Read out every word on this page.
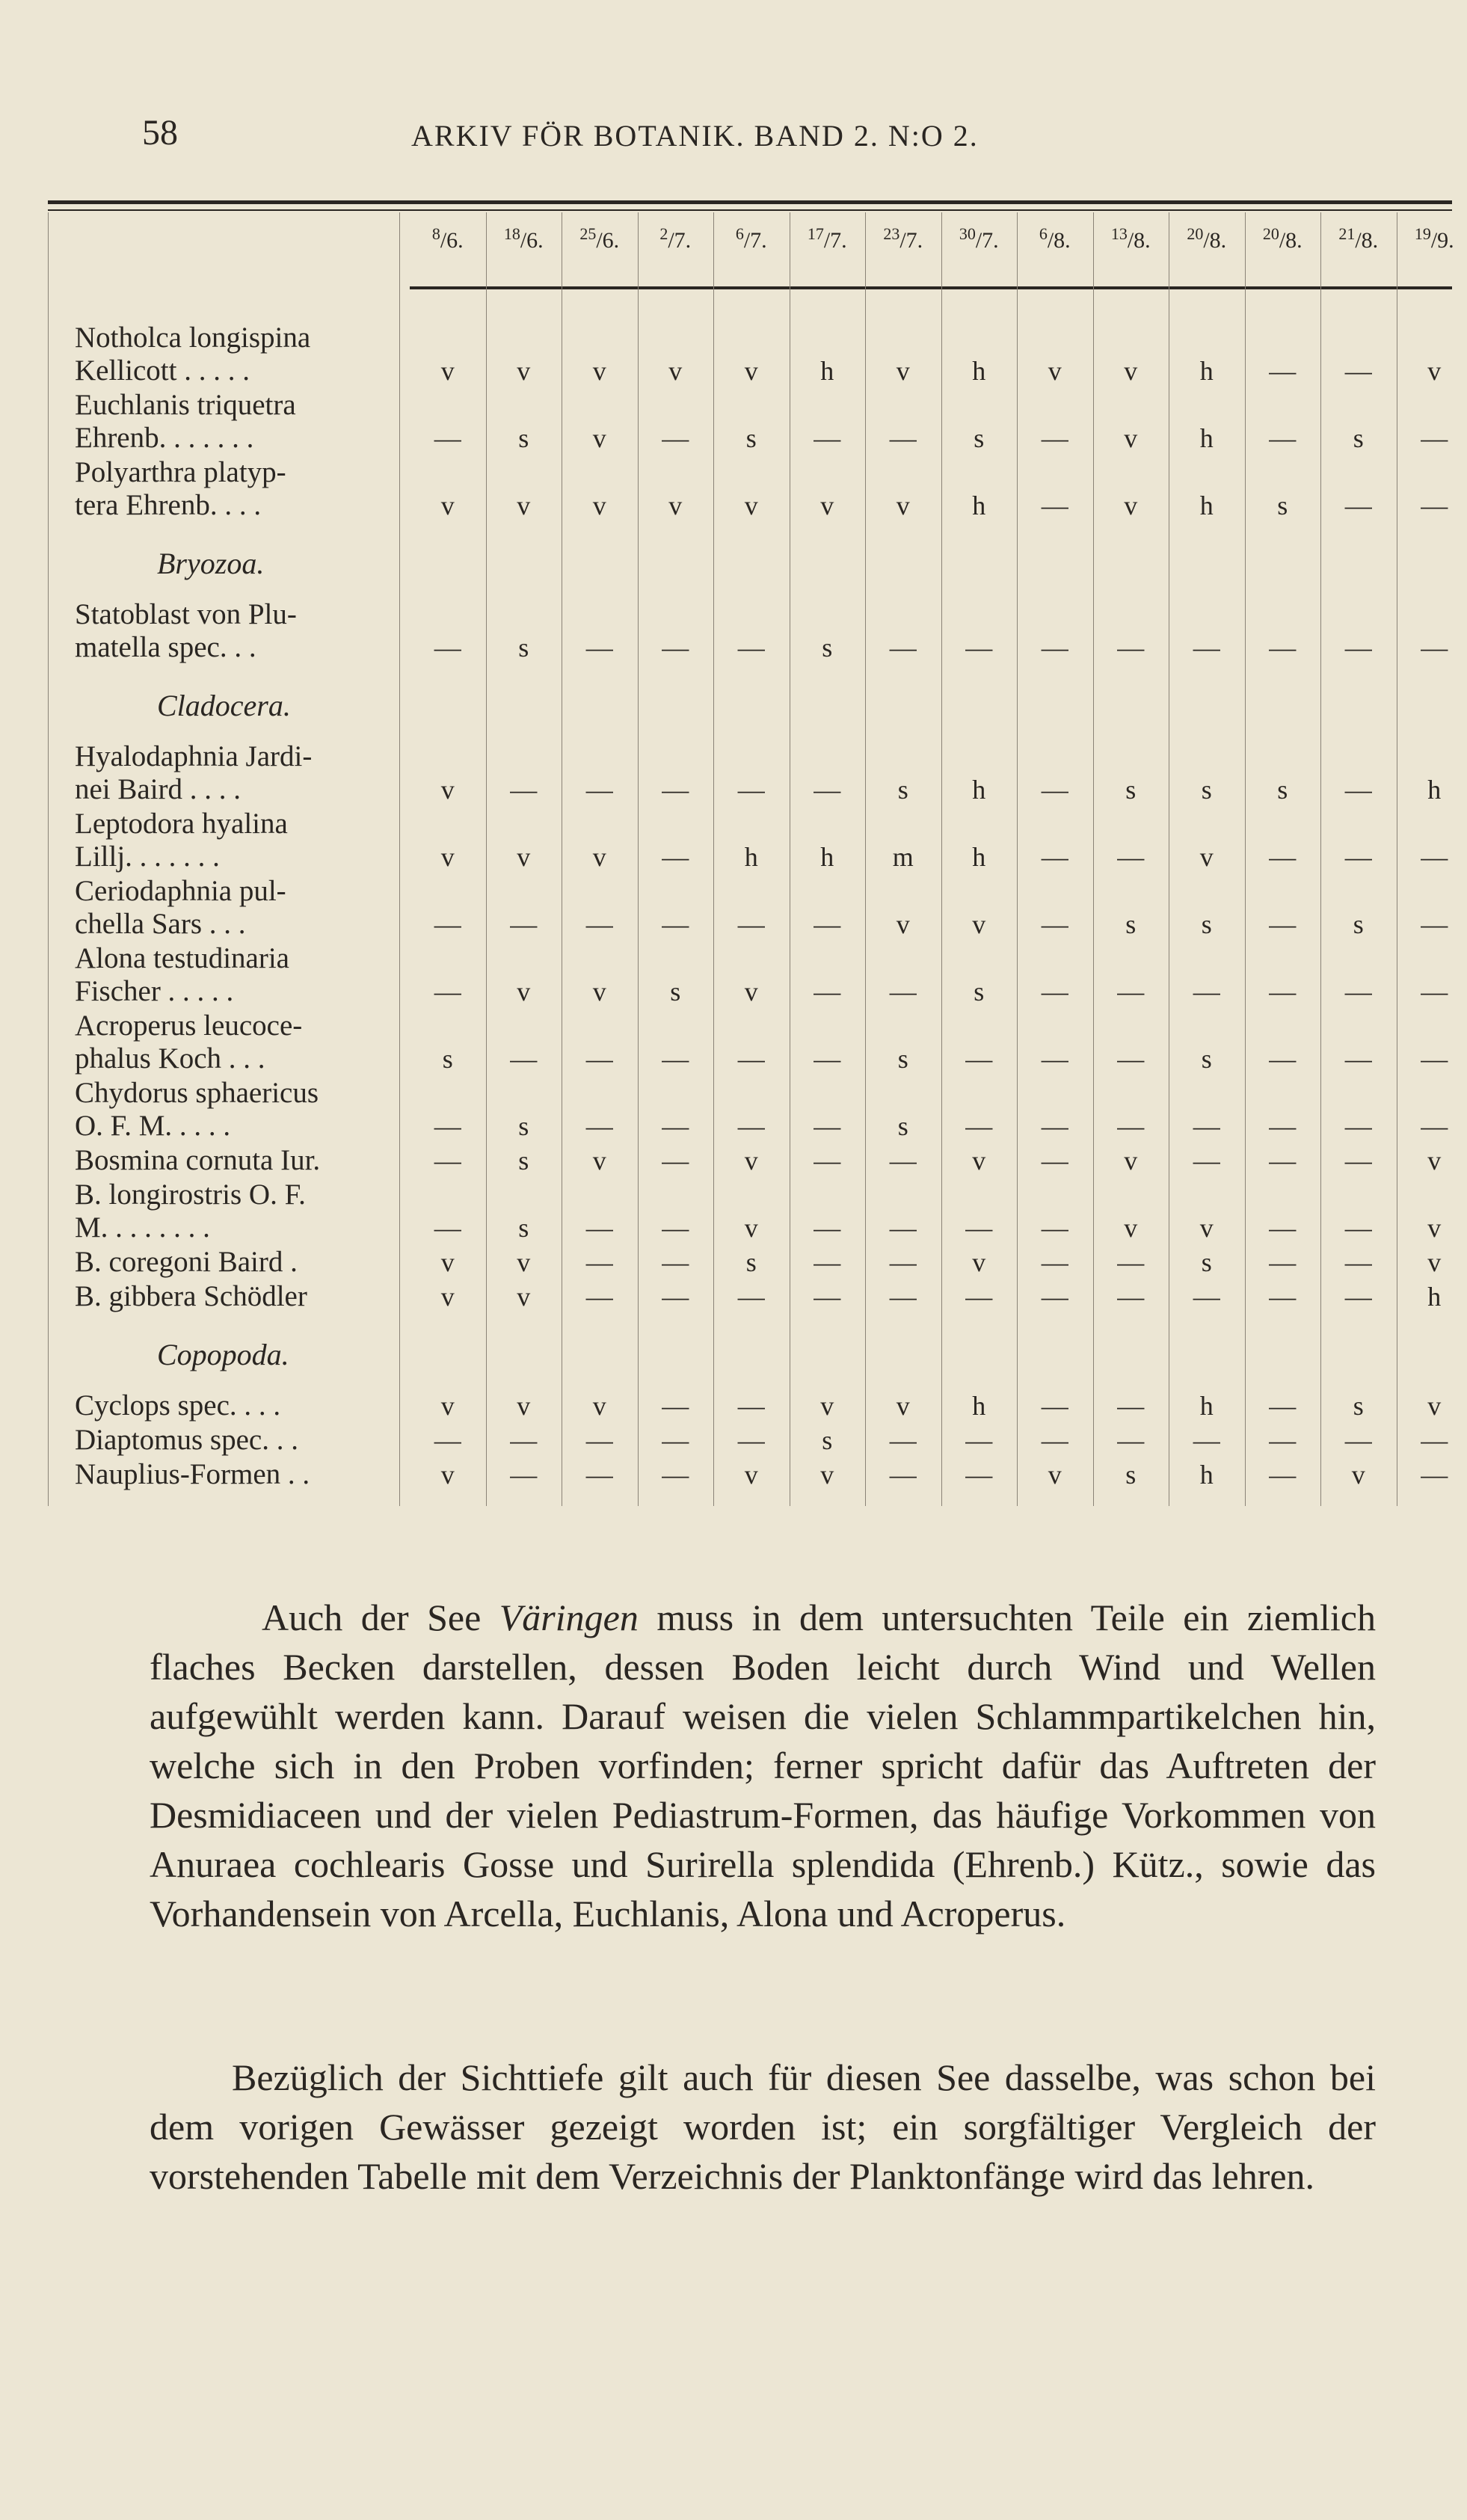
58	ARKIV FÖR BOTANIK. BAND 2. N:O 2.
$^8$/6.	$^{18}$/6.	$^{25}$/6.	$^2$/7.	$^6$/7.	$^{17}$/7.	$^{23}$/7.	$^{30}$/7.	$^6$/8.	$^{13}$/8.	$^{20}$/8.	$^{20}$/8.	$^{21}$/8.	$^{19}$/9.
Notholca longispina
Kellicott . . . . .	v	v	v	v	v	h	v	h	v	v	h	—	—	v
Euchlanis triquetra
Ehrenb. . . . . . .	—	s	v	—	s	—	—	s	—	v	h	—	s	—
Polyarthra platyp-
tera Ehrenb. . . .	v	v	v	v	v	v	v	h	—	v	h	s	—	—
Bryozoa.
Statoblast von Plu-
matella spec. . .	—	s	—	—	—	s	—	—	—	—	—	—	—	—
Cladocera.
Hyalodaphnia Jardi-
nei Baird . . . .	v	—	—	—	—	—	s	h	—	s	s	s	—	h
Leptodora hyalina
Lillj. . . . . . .	v	v	v	—	h	h	m	h	—	—	v	—	—	—
Ceriodaphnia pul-
chella Sars . . .	—	—	—	—	—	—	v	v	—	s	s	—	s	—
Alona testudinaria
Fischer . . . . .	—	v	v	s	v	—	—	s	—	—	—	—	—	—
Acroperus leucoce-
phalus Koch . . .	s	—	—	—	—	—	s	—	—	—	s	—	—	—
Chydorus sphaericus
O. F. M. . . . .	—	s	—	—	—	—	s	—	—	—	—	—	—	—
Bosmina cornuta Iur.	—	s	v	—	v	—	—	v	—	v	—	—	—	v
B. longirostris O. F.
M. . . . . . . .	—	s	—	—	v	—	—	—	—	v	v	—	—	v
B. coregoni Baird .	v	v	—	—	s	—	—	v	—	—	s	—	—	v
B. gibbera Schödler	v	v	—	—	—	—	—	—	—	—	—	—	—	h
Copopoda.
Cyclops spec. . . .	v	v	v	—	—	v	v	h	—	—	h	—	s	v
Diaptomus spec. . .	—	—	—	—	—	s	—	—	—	—	—	—	—	—
Nauplius-Formen . .	v	—	—	—	v	v	—	—	v	s	h	—	v	—
Auch der See Väringen muss in dem untersuchten Teile ein ziemlich flaches Becken darstellen, dessen Boden leicht durch Wind und Wellen aufgewühlt werden kann. Darauf weisen die vielen Schlammpartikelchen hin, welche sich in den Proben vorfinden; ferner spricht dafür das Auftreten der Desmidiaceen und der vielen Pediastrum-Formen, das häufige Vorkommen von Anuraea cochlearis Gosse und Surirella splendida (Ehrenb.) Kütz., sowie das Vorhandensein von Arcella, Euchlanis, Alona und Acroperus.
Bezüglich der Sichttiefe gilt auch für diesen See dasselbe, was schon bei dem vorigen Gewässer gezeigt worden ist; ein sorgfältiger Vergleich der vorstehenden Tabelle mit dem Verzeichnis der Planktonfänge wird das lehren.
